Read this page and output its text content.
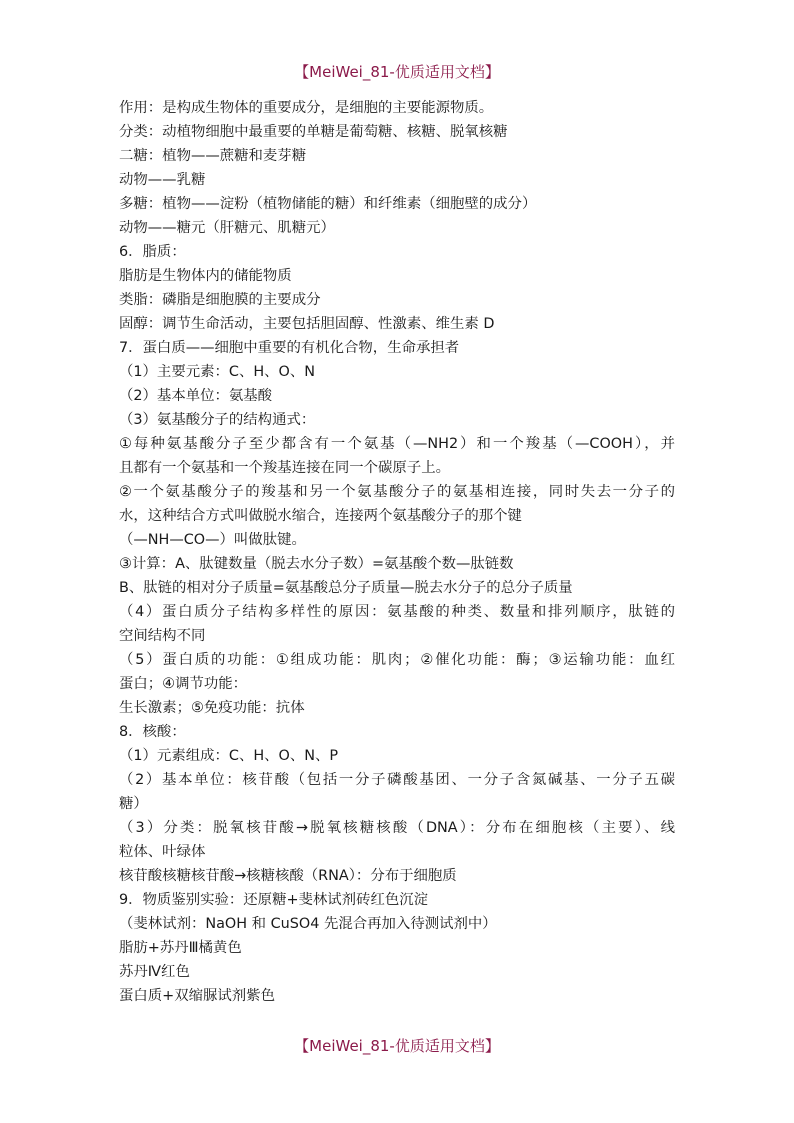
【MeiWei_81-优质适用文档】
作用：是构成生物体的重要成分，是细胞的主要能源物质。
分类：动植物细胞中最重要的单糖是葡萄糖、核糖、脱氧核糖
二糖：植物——蔗糖和麦芽糖
动物——乳糖
多糖：植物——淀粉（植物储能的糖）和纤维素（细胞壁的成分）
动物——糖元（肝糖元、肌糖元）
6．脂质：
脂肪是生物体内的储能物质
类脂：磷脂是细胞膜的主要成分
固醇：调节生命活动，主要包括胆固醇、性激素、维生素 D
7．蛋白质——细胞中重要的有机化合物，生命承担者
（1）主要元素：C、H、O、N
（2）基本单位：氨基酸
（3）氨基酸分子的结构通式：
①每种氨基酸分子至少都含有一个氨基（—NH2）和一个羧基（—COOH），并
且都有一个氨基和一个羧基连接在同一个碳原子上。
②一个氨基酸分子的羧基和另一个氨基酸分子的氨基相连接，同时失去一分子的
水，这种结合方式叫做脱水缩合，连接两个氨基酸分子的那个键
（—NH—CO—）叫做肽键。
③计算：A、肽键数量（脱去水分子数）=氨基酸个数—肽链数
B、肽链的相对分子质量=氨基酸总分子质量—脱去水分子的总分子质量
（4）蛋白质分子结构多样性的原因：氨基酸的种类、数量和排列顺序，肽链的
空间结构不同
（5）蛋白质的功能：①组成功能：肌肉；②催化功能：酶；③运输功能：血红
蛋白；④调节功能：
生长激素；⑤免疫功能：抗体
8．核酸：
（1）元素组成：C、H、O、N、P
（2）基本单位：核苷酸（包括一分子磷酸基团、一分子含氮碱基、一分子五碳
糖）
（3）分类：脱氧核苷酸→脱氧核糖核酸（DNA）：分布在细胞核（主要）、线
粒体、叶绿体
核苷酸核糖核苷酸→核糖核酸（RNA）：分布于细胞质
9．物质鉴别实验：还原糖+斐林试剂砖红色沉淀
（斐林试剂：NaOH 和 CuSO4 先混合再加入待测试剂中）
脂肪+苏丹Ⅲ橘黄色
苏丹Ⅳ红色
蛋白质+双缩脲试剂紫色
【MeiWei_81-优质适用文档】
